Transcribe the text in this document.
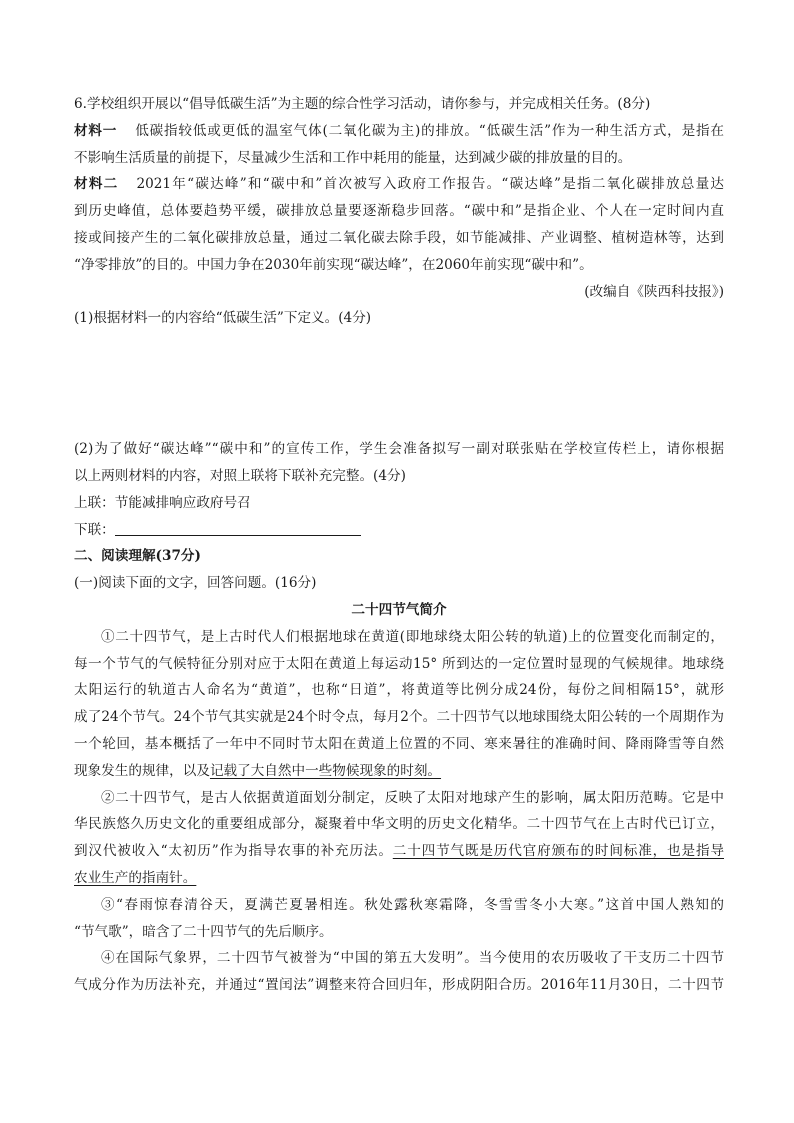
6.学校组织开展以“倡导低碳生活”为主题的综合性学习活动，请你参与，并完成相关任务。(8分)
材料一 低碳指较低或更低的温室气体(二氧化碳为主)的排放。“低碳生活”作为一种生活方式，是指在
不影响生活质量的前提下，尽量减少生活和工作中耗用的能量，达到减少碳的排放量的目的。
材料二 2021年“碳达峰”和“碳中和”首次被写入政府工作报告。“碳达峰”是指二氧化碳排放总量达
到历史峰值，总体要趋势平缓，碳排放总量要逐渐稳步回落。“碳中和”是指企业、个人在一定时间内直
接或间接产生的二氧化碳排放总量，通过二氧化碳去除手段，如节能减排、产业调整、植树造林等，达到
“净零排放”的目的。中国力争在2030年前实现“碳达峰”，在2060年前实现“碳中和”。
(改编自《陕西科技报》)
(1)根据材料一的内容给“低碳生活”下定义。(4分)
(2)为了做好“碳达峰”“碳中和”的宣传工作，学生会准备拟写一副对联张贴在学校宣传栏上，请你根据
以上两则材料的内容，对照上联将下联补充完整。(4分)
上联：节能减排响应政府号召
下联：
二、阅读理解(37分)
(一)阅读下面的文字，回答问题。(16分)
二十四节气简介
①二十四节气，是上古时代人们根据地球在黄道(即地球绕太阳公转的轨道)上的位置变化而制定的，
每一个节气的气候特征分别对应于太阳在黄道上每运动15° 所到达的一定位置时显现的气候规律。地球绕
太阳运行的轨道古人命名为“黄道”，也称“日道”，将黄道等比例分成24份，每份之间相隔15°，就形
成了24个节气。24个节气其实就是24个时令点，每月2个。二十四节气以地球围绕太阳公转的一个周期作为
一个轮回，基本概括了一年中不同时节太阳在黄道上位置的不同、寒来暑往的准确时间、降雨降雪等自然
现象发生的规律，以及记载了大自然中一些物候现象的时刻。
②二十四节气，是古人依据黄道面划分制定，反映了太阳对地球产生的影响，属太阳历范畴。它是中
华民族悠久历史文化的重要组成部分，凝聚着中华文明的历史文化精华。二十四节气在上古时代已订立，
到汉代被收入“太初历”作为指导农事的补充历法。二十四节气既是历代官府颁布的时间标准，也是指导
农业生产的指南针。
③“春雨惊春清谷天，夏满芒夏暑相连。秋处露秋寒霜降，冬雪雪冬小大寒。”这首中国人熟知的
“节气歌”，暗含了二十四节气的先后顺序。
④在国际气象界，二十四节气被誉为“中国的第五大发明”。当今使用的农历吸收了干支历二十四节
气成分作为历法补充，并通过“置闰法”调整来符合回归年，形成阴阳合历。2016年11月30日，二十四节
